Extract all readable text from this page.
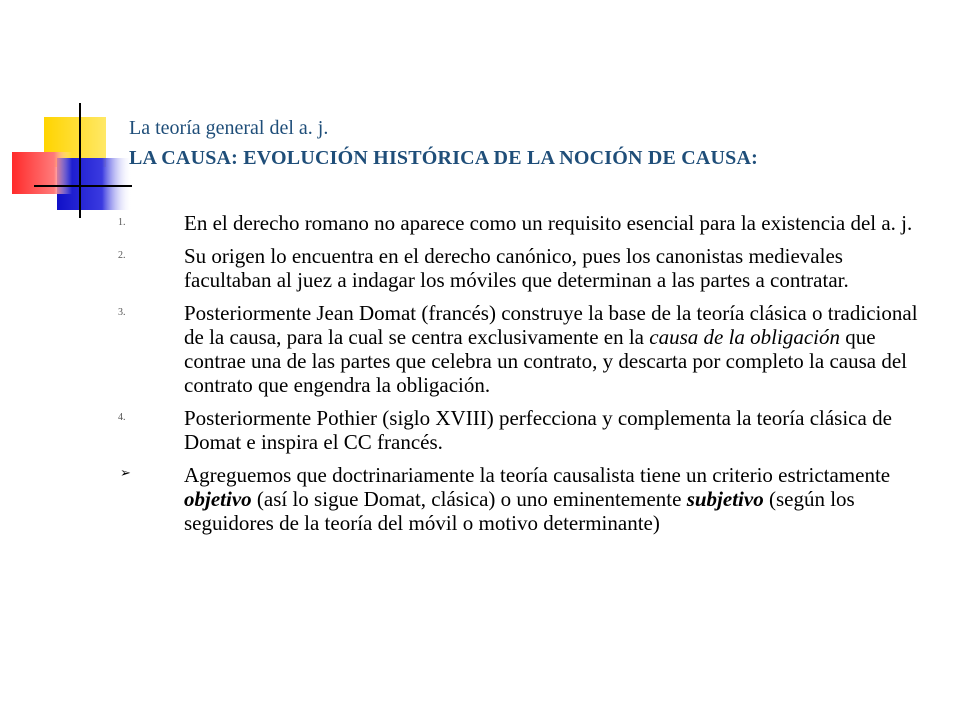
La teoría general del a. j.
LA CAUSA: EVOLUCIÓN HISTÓRICA DE LA NOCIÓN DE CAUSA:
1.	En el derecho romano no aparece como un requisito esencial para la existencia del a. j.
2.	Su origen lo encuentra en el derecho canónico, pues los canonistas medievales facultaban al juez a indagar los móviles que determinan a las partes a contratar.
3.	Posteriormente Jean Domat (francés) construye la base de la teoría clásica o tradicional de la causa, para la cual se centra exclusivamente en la causa de la obligación que contrae una de las partes que celebra un contrato, y descarta por completo la causa del contrato que engendra la obligación.
4.	Posteriormente Pothier (siglo XVIII) perfecciona y complementa la teoría clásica de Domat e inspira el CC francés.
➢	Agreguemos que doctrinariamente la teoría causalista tiene un criterio estrictamente objetivo (así lo sigue Domat, clásica) o uno eminentemente subjetivo (según los seguidores de la teoría del móvil o motivo determinante)
